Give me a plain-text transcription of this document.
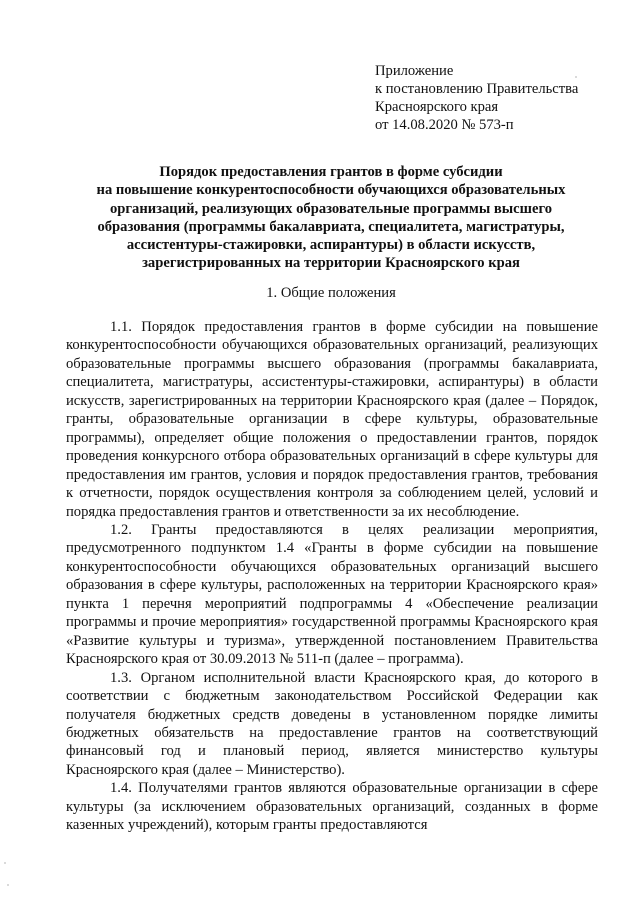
Приложение
к постановлению Правительства
Красноярского края
от 14.08.2020 № 573-п
Порядок предоставления грантов в форме субсидии
на повышение конкурентоспособности обучающихся образовательных
организаций, реализующих образовательные программы высшего
образования (программы бакалавриата, специалитета, магистратуры,
ассистентуры-стажировки, аспирантуры) в области искусств,
зарегистрированных на территории Красноярского края
1. Общие положения

1.1. Порядок предоставления грантов в форме субсидии на повышение конкурентоспособности обучающихся образовательных организаций, реализующих образовательные программы высшего образования (программы бакалавриата, специалитета, магистратуры, ассистентуры-стажировки, аспирантуры) в области искусств, зарегистрированных на территории Красноярского края (далее – Порядок, гранты, образовательные организации в сфере культуры, образовательные программы), определяет общие положения о предоставлении грантов, порядок проведения конкурсного отбора образовательных организаций в сфере культуры для предоставления им грантов, условия и порядок предоставления грантов, требования к отчетности, порядок осуществления контроля за соблюдением целей, условий и порядка предоставления грантов и ответственности за их несоблюдение.

1.2. Гранты предоставляются в целях реализации мероприятия, предусмотренного подпунктом 1.4 «Гранты в форме субсидии на повышение конкурентоспособности обучающихся образовательных организаций высшего образования в сфере культуры, расположенных на территории Красноярского края» пункта 1 перечня мероприятий подпрограммы 4 «Обеспечение реализации программы и прочие мероприятия» государственной программы Красноярского края «Развитие культуры и туризма», утвержденной постановлением Правительства Красноярского края от 30.09.2013 № 511-п (далее – программа).

1.3. Органом исполнительной власти Красноярского края, до которого в соответствии с бюджетным законодательством Российской Федерации как получателя бюджетных средств доведены в установленном порядке лимиты бюджетных обязательств на предоставление грантов на соответствующий финансовый год и плановый период, является министерство культуры Красноярского края (далее – Министерство).

1.4. Получателями грантов являются образовательные организации в сфере культуры (за исключением образовательных организаций, созданных в форме казенных учреждений), которым гранты предоставляются
